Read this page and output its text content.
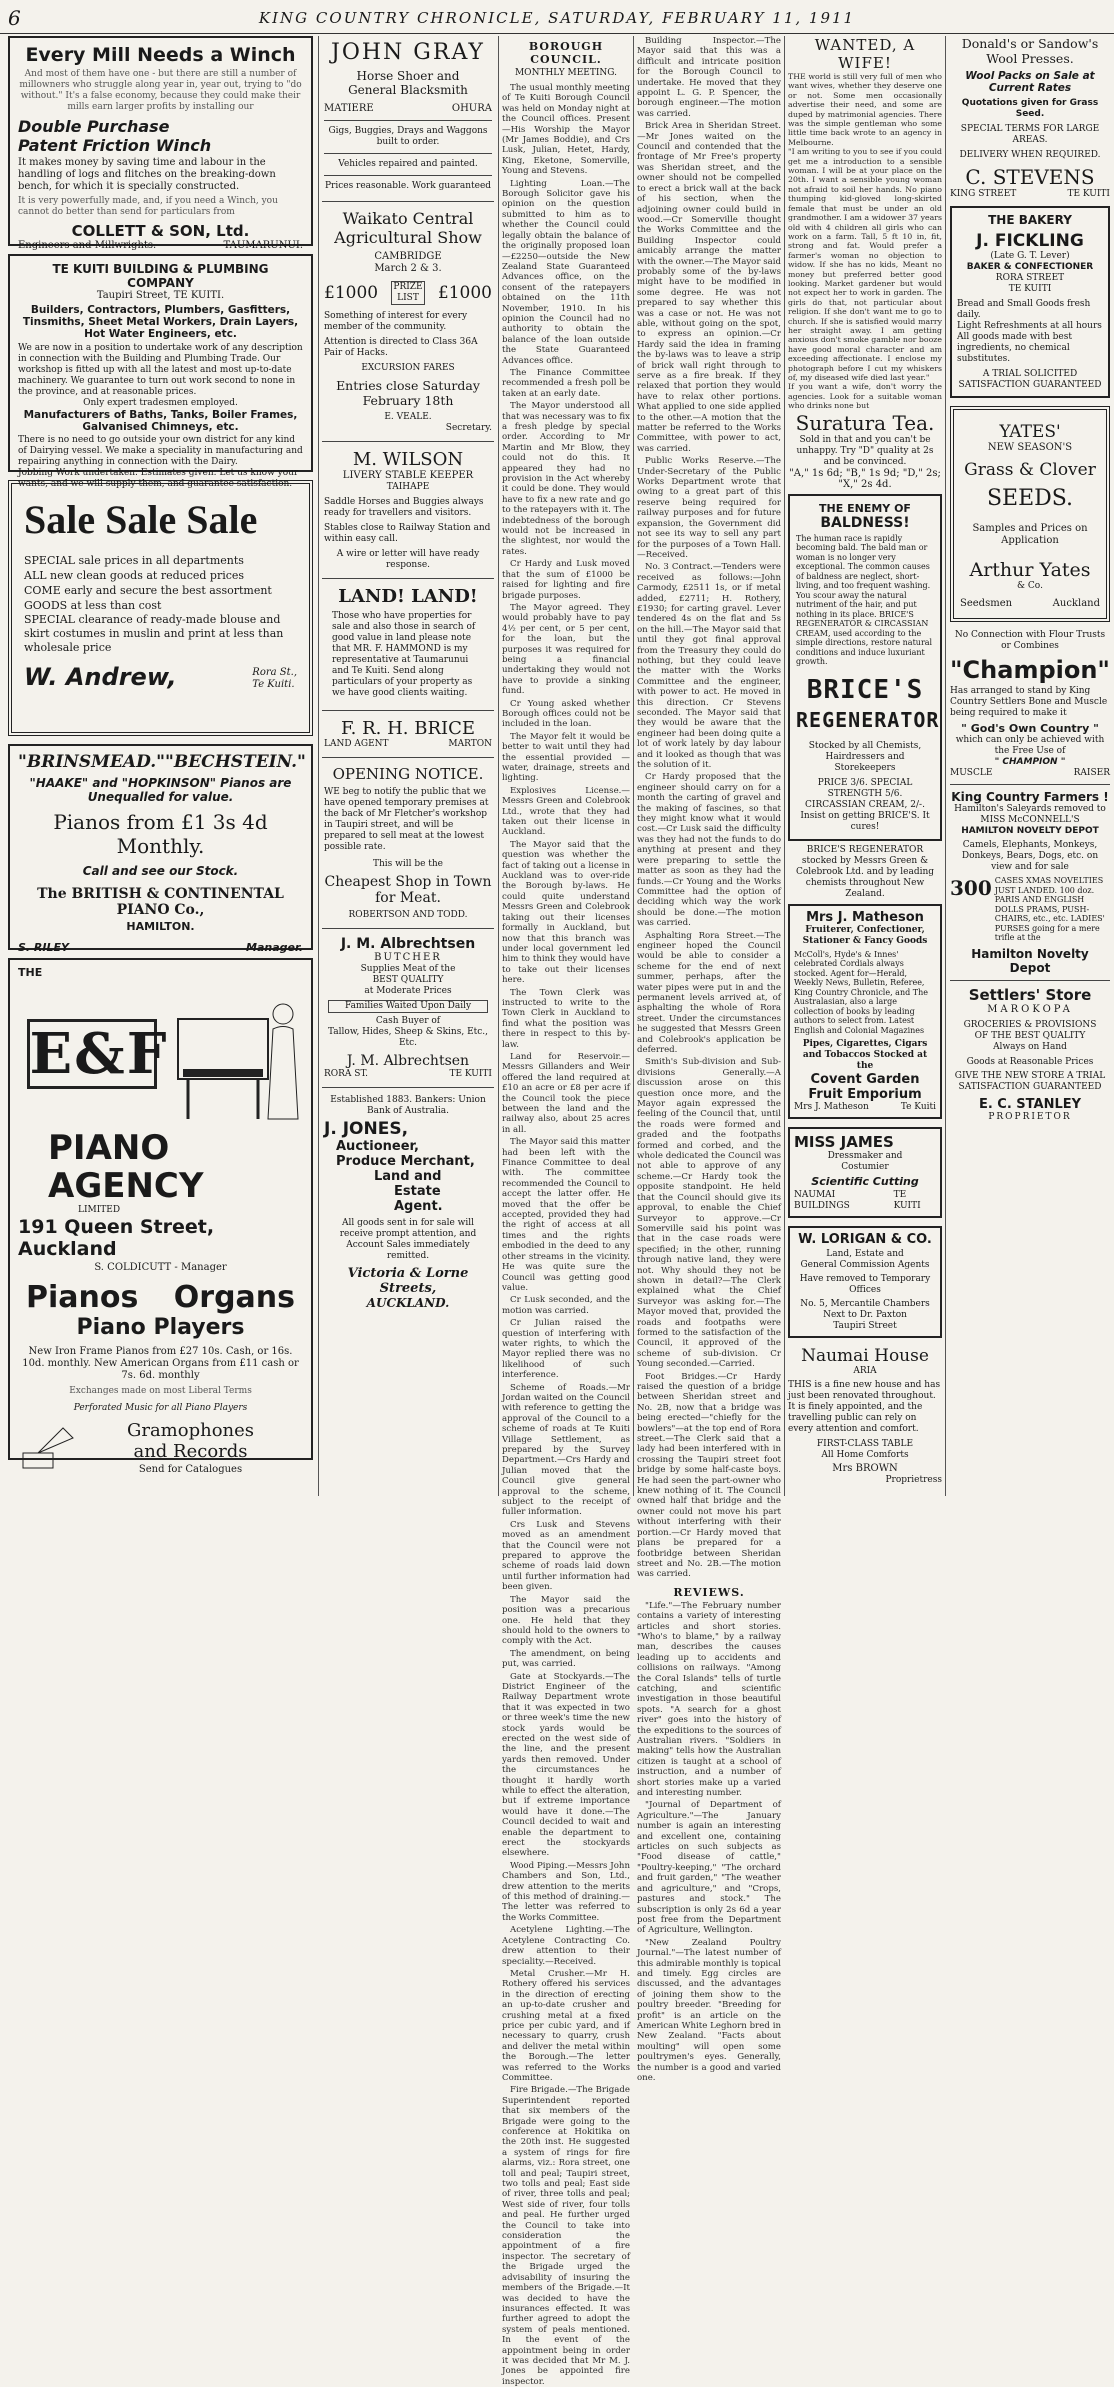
6	KING COUNTRY CHRONICLE, SATURDAY, FEBRUARY 11, 1911
Every Mill Needs a Winch
And most of them have one - but there are still a number of millowners who struggle along year in, year out, trying to "do without." It's a false economy, because they could make their mills earn larger profits by installing our
Double Purchase
Patent Friction Winch
It makes money by saving time and labour in the handling of logs and flitches on the breaking-down bench, for which it is specially constructed.
It is very powerfully made, and, if you need a Winch, you cannot do better than send for particulars from
COLLETT & SON, Ltd.
Engineers and Millwrights.	TAUMARUNUI.
TE KUITI BUILDING & PLUMBING COMPANY
Taupiri Street, TE KUITI.
Builders, Contractors, Plumbers, Gasfitters, Tinsmiths, Sheet Metal Workers, Drain Layers, Hot Water Engineers, etc.
We are now in a position to undertake work of any description in connection with the Building and Plumbing Trade. Our workshop is fitted up with all the latest and most up-to-date machinery. We guarantee to turn out work second to none in the province, and at reasonable prices.
Only expert tradesmen employed.
Manufacturers of Baths, Tanks, Boiler Frames, Galvanised Chimneys, etc.
There is no need to go outside your own district for any kind of Dairying vessel. We make a speciality in manufacturing and repairing anything in connection with the Dairy.
Jobbing Work undertaken. Estimates given. Let us know your wants, and we will supply them, and guarantee satisfaction.
Sale Sale Sale
SPECIAL sale prices in all departments
ALL new clean goods at reduced prices
COME early and secure the best assortment
GOODS at less than cost
SPECIAL clearance of ready-made blouse and skirt costumes in muslin and print at less than wholesale price
W. Andrew,	Rora St.,
Te Kuiti.
"BRINSMEAD." "BECHSTEIN."
"HAAKE" and "HOPKINSON" Pianos are Unequalled for value.
Pianos from £1 3s 4d Monthly.
Call and see our Stock.
The BRITISH & CONTINENTAL PIANO Co.,
HAMILTON.
S. RILEY	Manager.
THE
E&F
PIANO
AGENCY
LIMITED
191 Queen Street, Auckland
S. COLDICUTT - Manager
Pianos Organs
Piano Players
New Iron Frame Pianos from £27 10s. Cash, or 16s. 10d. monthly. New American Organs from £11 cash or 7s. 6d. monthly
Exchanges made on most Liberal Terms
Perforated Music for all Piano Players
Gramophones
and Records
Send for Catalogues
JOHN GRAY
Horse Shoer and
General Blacksmith
MATIERE	OHURA
Gigs, Buggies, Drays and Waggons built to order.
Vehicles repaired and painted.
Prices reasonable. Work guaranteed
Waikato Central
Agricultural Show
CAMBRIDGE
March 2 & 3.
£1000 PRIZE LIST	£1000
Something of interest for every member of the community.
Attention is directed to Class 36A Pair of Hacks.
EXCURSION FARES
Entries close Saturday February 18th
E. VEALE.
Secretary.
M. WILSON
LIVERY STABLE KEEPER
TAIHAPE
Saddle Horses and Buggies always ready for travellers and visitors.
Stables close to Railway Station and within easy call.
A wire or letter will have ready response.
LAND! LAND!
Those who have properties for sale and also those in search of good value in land please note that MR. F. HAMMOND is my representative at Taumarunui and Te Kuiti. Send along particulars of your property as we have good clients waiting.
F. R. H. BRICE
LAND AGENT	MARTON
OPENING NOTICE.
WE beg to notify the public that we have opened temporary premises at the back of Mr Fletcher's workshop in Taupiri street, and will be prepared to sell meat at the lowest possible rate.
This will be the
Cheapest Shop in Town for Meat.
ROBERTSON AND TODD.
J. M. Albrechtsen
BUTCHER
Supplies Meat of the
BEST QUALITY
at Moderate Prices
Families Waited Upon Daily
Cash Buyer of
Tallow, Hides, Sheep & Skins, Etc., Etc.
J. M. Albrechtsen
RORA ST.	TE KUITI
Established 1883. Bankers: Union Bank of Australia.
J. JONES,
Auctioneer,
Produce Merchant,
Land and
Estate Agent.
All goods sent in for sale will receive prompt attention, and Account Sales immediately remitted.
Victoria & Lorne Streets,
AUCKLAND.
BOROUGH COUNCIL.
MONTHLY MEETING.

The usual monthly meeting of Te Kuiti Borough Council was held on Monday night at the Council offices. Present—His Worship the Mayor (Mr James Boddie), and Crs Lusk, Julian, Hetet, Hardy, King, Eketone, Somerville, Young and Stevens.

Lighting Loan.—The Borough Solicitor gave his opinion on the question submitted to him as to whether the Council could legally obtain the balance of the originally proposed loan—£2250—outside the New Zealand State Guaranteed Advances office, on the consent of the ratepayers obtained on the 11th November, 1910. In his opinion the Council had no authority to obtain the balance of the loan outside the State Guaranteed Advances office.

The Finance Committee recommended a fresh poll be taken at an early date.

The Mayor understood all that was necessary was to fix a fresh pledge by special order. According to Mr Martin and Mr Blow, they could not do this. It appeared they had no provision in the Act whereby it could be done. They would have to fix a new rate and go to the ratepayers with it. The indebtedness of the borough would not be increased in the slightest, nor would the rates.

Cr Hardy and Lusk moved that the sum of £1000 be raised for lighting and fire brigade purposes.

The Mayor agreed. They would probably have to pay 4½ per cent, or 5 per cent, for the loan, but the purposes it was required for being a financial undertaking they would not have to provide a sinking fund.

Cr Young asked whether Borough offices could not be included in the loan.

The Mayor felt it would be better to wait until they had the essential provided — water, drainage, streets and lighting.

Explosives License.—Messrs Green and Colebrook Ltd., wrote that they had taken out their license in Auckland.

The Mayor said that the question was whether the fact of taking out a license in Auckland was to over-ride the Borough by-laws. He could quite understand Messrs Green and Colebrook taking out their licenses formally in Auckland, but now that this branch was under local government led him to think they would have to take out their licenses here.

The Town Clerk was instructed to write to the Town Clerk in Auckland to find what the position was there in respect to this by-law.

Land for Reservoir.—Messrs Gillanders and Weir offered the land required at £10 an acre or £8 per acre if the Council took the piece between the land and the railway also, about 25 acres in all.

The Mayor said this matter had been left with the Finance Committee to deal with. The committee recommended the Council to accept the latter offer. He moved that the offer be accepted, provided they had the right of access at all times and the rights embodied in the deed to any other streams in the vicinity. He was quite sure the Council was getting good value.

Cr Lusk seconded, and the motion was carried.

Cr Julian raised the question of interfering with water rights, to which the Mayor replied there was no likelihood of such interference.

Scheme of Roads.—Mr Jordan waited on the Council with reference to getting the approval of the Council to a scheme of roads at Te Kuiti Village Settlement, as prepared by the Survey Department.—Crs Hardy and Julian moved that the Council give general approval to the scheme, subject to the receipt of fuller information.

Crs Lusk and Stevens moved as an amendment that the Council were not prepared to approve the scheme of roads laid down until further information had been given.

The Mayor said the position was a precarious one. He held that they should hold to the owners to comply with the Act.

The amendment, on being put, was carried.

Gate at Stockyards.—The District Engineer of the Railway Department wrote that it was expected in two or three week's time the new stock yards would be erected on the west side of the line, and the present yards then removed. Under the circumstances he thought it hardly worth while to effect the alteration, but if extreme importance would have it done.—The Council decided to wait and enable the department to erect the stockyards elsewhere.

Wood Piping.—Messrs John Chambers and Son, Ltd., drew attention to the merits of this method of draining.—The letter was referred to the Works Committee.

Acetylene Lighting.—The Acetylene Contracting Co. drew attention to their speciality.—Received.

Metal Crusher.—Mr H. Rothery offered his services in the direction of erecting an up-to-date crusher and crushing metal at a fixed price per cubic yard, and if necessary to quarry, crush and deliver the metal within the Borough.—The letter was referred to the Works Committee.

Fire Brigade.—The Brigade Superintendent reported that six members of the Brigade were going to the conference at Hokitika on the 20th inst. He suggested a system of rings for fire alarms, viz.: Rora street, one toll and peal; Taupiri street, two tolls and peal; East side of river, three tolls and peal; West side of river, four tolls and peal. He further urged the Council to take into consideration the appointment of a fire inspector. The secretary of the Brigade urged the advisability of insuring the members of the Brigade.—It was decided to have the insurances effected. It was further agreed to adopt the system of peals mentioned. In the event of the appointment being in order it was decided that Mr M. J. Jones be appointed fire inspector.

Building Inspector.—The Mayor said that this was a difficult and intricate position for the Borough Council to undertake. He moved that they appoint L. G. P. Spencer, the borough engineer.—The motion was carried.

Brick Area in Sheridan Street.—Mr Jones waited on the Council and contended that the frontage of Mr Free's property was Sheridan street, and the owner should not be compelled to erect a brick wall at the back of his section, when the adjoining owner could build in wood.—Cr Somerville thought the Works Committee and the Building Inspector could amicably arrange the matter with the owner.—The Mayor said probably some of the by-laws might have to be modified in some degree. He was not prepared to say whether this was a case or not. He was not able, without going on the spot, to express an opinion.—Cr Hardy said the idea in framing the by-laws was to leave a strip of brick wall right through to serve as a fire break. If they relaxed that portion they would have to relax other portions. What applied to one side applied to the other.—A motion that the matter be referred to the Works Committee, with power to act, was carried.

Public Works Reserve.—The Under-Secretary of the Public Works Department wrote that owing to a great part of this reserve being required for railway purposes and for future expansion, the Government did not see its way to sell any part for the purposes of a Town Hall.—Received.

No. 3 Contract.—Tenders were received as follows:—John Carmody, £2511 1s, or if metal added, £2711; H. Rothery, £1930; for carting gravel. Lever tendered 4s on the flat and 5s on the hill.—The Mayor said that until they got final approval from the Treasury they could do nothing, but they could leave the matter with the Works Committee and the engineer, with power to act. He moved in this direction. Cr Stevens seconded. The Mayor said that they would be aware that the engineer had been doing quite a lot of work lately by day labour and it looked as though that was the solution of it.

Cr Hardy proposed that the engineer should carry on for a month the carting of gravel and the making of fascines, so that they might know what it would cost.—Cr Lusk said the difficulty was they had not the funds to do anything at present and they were preparing to settle the matter as soon as they had the funds.—Cr Young and the Works Committee had the option of deciding which way the work should be done.—The motion was carried.

Asphalting Rora Street.—The engineer hoped the Council would be able to consider a scheme for the end of next summer, perhaps, after the water pipes were put in and the permanent levels arrived at, of asphalting the whole of Rora street. Under the circumstances he suggested that Messrs Green and Colebrook's application be deferred.

Smith's Sub-division and Sub-divisions Generally.—A discussion arose on this question once more, and the Mayor again expressed the feeling of the Council that, until the roads were formed and graded and the footpaths formed and corbed, and the whole dedicated the Council was not able to approve of any scheme.—Cr Hardy took the opposite standpoint. He held that the Council should give its approval, to enable the Chief Surveyor to approve.—Cr Somerville said his point was that in the case roads were specified; in the other, running through native land, they were not. Why should they not be shown in detail?—The Clerk explained what the Chief Surveyor was asking for.—The Mayor moved that, provided the roads and footpaths were formed to the satisfaction of the Council, it approved of the scheme of sub-division. Cr Young seconded.—Carried.

Foot Bridges.—Cr Hardy raised the question of a bridge between Sheridan street and No. 2B, now that a bridge was being erected—"chiefly for the bowlers"—at the top end of Rora street.—The Clerk said that a lady had been interfered with in crossing the Taupiri street foot bridge by some half-caste boys. He had seen the part-owner who knew nothing of it. The Council owned half that bridge and the owner could not move his part without interfering with their portion.—Cr Hardy moved that plans be prepared for a footbridge between Sheridan street and No. 2B.—The motion was carried.

REVIEWS.

"Life."—The February number contains a variety of interesting articles and short stories. "Who's to blame," by a railway man, describes the causes leading up to accidents and collisions on railways. "Among the Coral Islands" tells of turtle catching, and scientific investigation in those beautiful spots. "A search for a ghost river" goes into the history of the expeditions to the sources of Australian rivers. "Soldiers in making" tells how the Australian citizen is taught at a school of instruction, and a number of short stories make up a varied and interesting number.

"Journal of Department of Agriculture."—The January number is again an interesting and excellent one, containing articles on such subjects as "Food disease of cattle," "Poultry-keeping," "The orchard and fruit garden," "The weather and agriculture," and "Crops, pastures and stock." The subscription is only 2s 6d a year post free from the Department of Agriculture, Wellington.

"New Zealand Poultry Journal."—The latest number of this admirable monthly is topical and timely. Egg circles are discussed, and the advantages of joining them show to the poultry breeder. "Breeding for profit" is an article on the American White Leghorn bred in New Zealand. "Facts about moulting" will open some poultrymen's eyes. Generally, the number is a good and varied one.

WANTED, A WIFE!
THE world is still very full of men who want wives, whether they deserve one or not. Some men occasionally advertise their need, and some are duped by matrimonial agencies. There was the simple gentleman who some little time back wrote to an agency in Melbourne.
"I am writing to you to see if you could get me a introduction to a sensible woman. I will be at your place on the 20th. I want a sensible young woman not afraid to soil her hands. No piano thumping kid-gloved long-skirted female that must be under an old grandmother. I am a widower 37 years old with 4 children all girls who can work on a farm. Tall, 5 ft 10 in, fit, strong and fat. Would prefer a farmer's woman no objection to widow. If she has no kids, Meant no money but preferred better good looking. Market gardener but would not expect her to work in garden. The girls do that, not particular about religion. If she don't want me to go to church. If she is satisfied would marry her straight away. I am getting anxious don't smoke gamble nor booze have good moral character and am exceeding affectionate. I enclose my photograph before I cut my whiskers of, my diseased wife died last year."
If you want a wife, don't worry the agencies. Look for a suitable woman who drinks none but
Suratura Tea.
Sold in that and you can't be unhappy. Try "D" quality at 2s and be convinced.
"A," 1s 6d; "B," 1s 9d; "D," 2s; "X," 2s 4d.
THE ENEMY OF
BALDNESS!
The human race is rapidly becoming bald. The bald man or woman is no longer very exceptional. The common causes of baldness are neglect, short-living, and too frequent washing. You scour away the natural nutriment of the hair, and put nothing in its place. BRICE'S REGENERATOR & CIRCASSIAN CREAM, used according to the simple directions, restore natural conditions and induce luxuriant growth.
BRICE'S
REGENERATOR
Stocked by all Chemists, Hairdressers and Storekeepers
PRICE 3/6. SPECIAL STRENGTH 5/6.
CIRCASSIAN CREAM, 2/-.
Insist on getting BRICE'S. It cures!
BRICE'S REGENERATOR stocked by Messrs Green & Colebrook Ltd. and by leading chemists throughout New Zealand.
Mrs J. Matheson
Fruiterer, Confectioner, Stationer & Fancy Goods
McColl's, Hyde's & Innes' celebrated Cordials always stocked. Agent for—Herald, Weekly News, Bulletin, Referee, King Country Chronicle, and The Australasian, also a large collection of books by leading authors to select from. Latest English and Colonial Magazines
Pipes, Cigarettes, Cigars and Tobaccos Stocked at the
Covent Garden
Fruit Emporium
Mrs J. Matheson	Te Kuiti
MISS JAMES
Dressmaker and
Costumier
Scientific Cutting
NAUMAI BUILDINGS
TE KUITI
W. LORIGAN & CO.
Land, Estate and
General Commission Agents
Have removed to Temporary Offices
No. 5, Mercantile Chambers
Next to Dr. Paxton
Taupiri Street
Naumai House
ARIA
THIS is a fine new house and has just been renovated throughout. It is finely appointed, and the travelling public can rely on every attention and comfort.
FIRST-CLASS TABLE
All Home Comforts
Mrs BROWN
Proprietress
Donald's or Sandow's
Wool Presses.
Wool Packs on Sale at
Current Rates
Quotations given for Grass Seed.
SPECIAL TERMS FOR LARGE AREAS.
DELIVERY WHEN REQUIRED.
C. STEVENS
KING STREET	TE KUITI
THE BAKERY
J. FICKLING
(Late G. T. Lever)
BAKER & CONFECTIONER
RORA STREET
TE KUITI
Bread and Small Goods fresh daily.
Light Refreshments at all hours
All goods made with best ingredients, no chemical substitutes.
A TRIAL SOLICITED
SATISFACTION GUARANTEED
YATES'
NEW SEASON'S
Grass & Clover
SEEDS.
Samples and Prices on Application
Arthur Yates
& Co.
Seedsmen	Auckland
No Connection with Flour Trusts or Combines
"Champion"
Has arranged to stand by King Country Settlers Bone and Muscle being required to make it
" God's Own Country "
which can only be achieved with the Free Use of
" CHAMPION "
MUSCLE	RAISER
King Country Farmers !
Hamilton's Saleyards removed to MISS McCONNELL'S
HAMILTON NOVELTY DEPOT
Camels, Elephants, Monkeys, Donkeys, Bears, Dogs, etc. on view and for sale
300 CASES XMAS NOVELTIES JUST LANDED. 100 doz. PARIS AND ENGLISH DOLLS PRAMS, PUSH-CHAIRS, etc., etc. LADIES' PURSES going for a mere trifle at the
Hamilton Novelty Depot
Settlers' Store
MAROKOPA
GROCERIES & PROVISIONS
OF THE BEST QUALITY
Always on Hand
Goods at Reasonable Prices
GIVE THE NEW STORE A TRIAL SATISFACTION GUARANTEED
E. C. STANLEY
PROPRIETOR
